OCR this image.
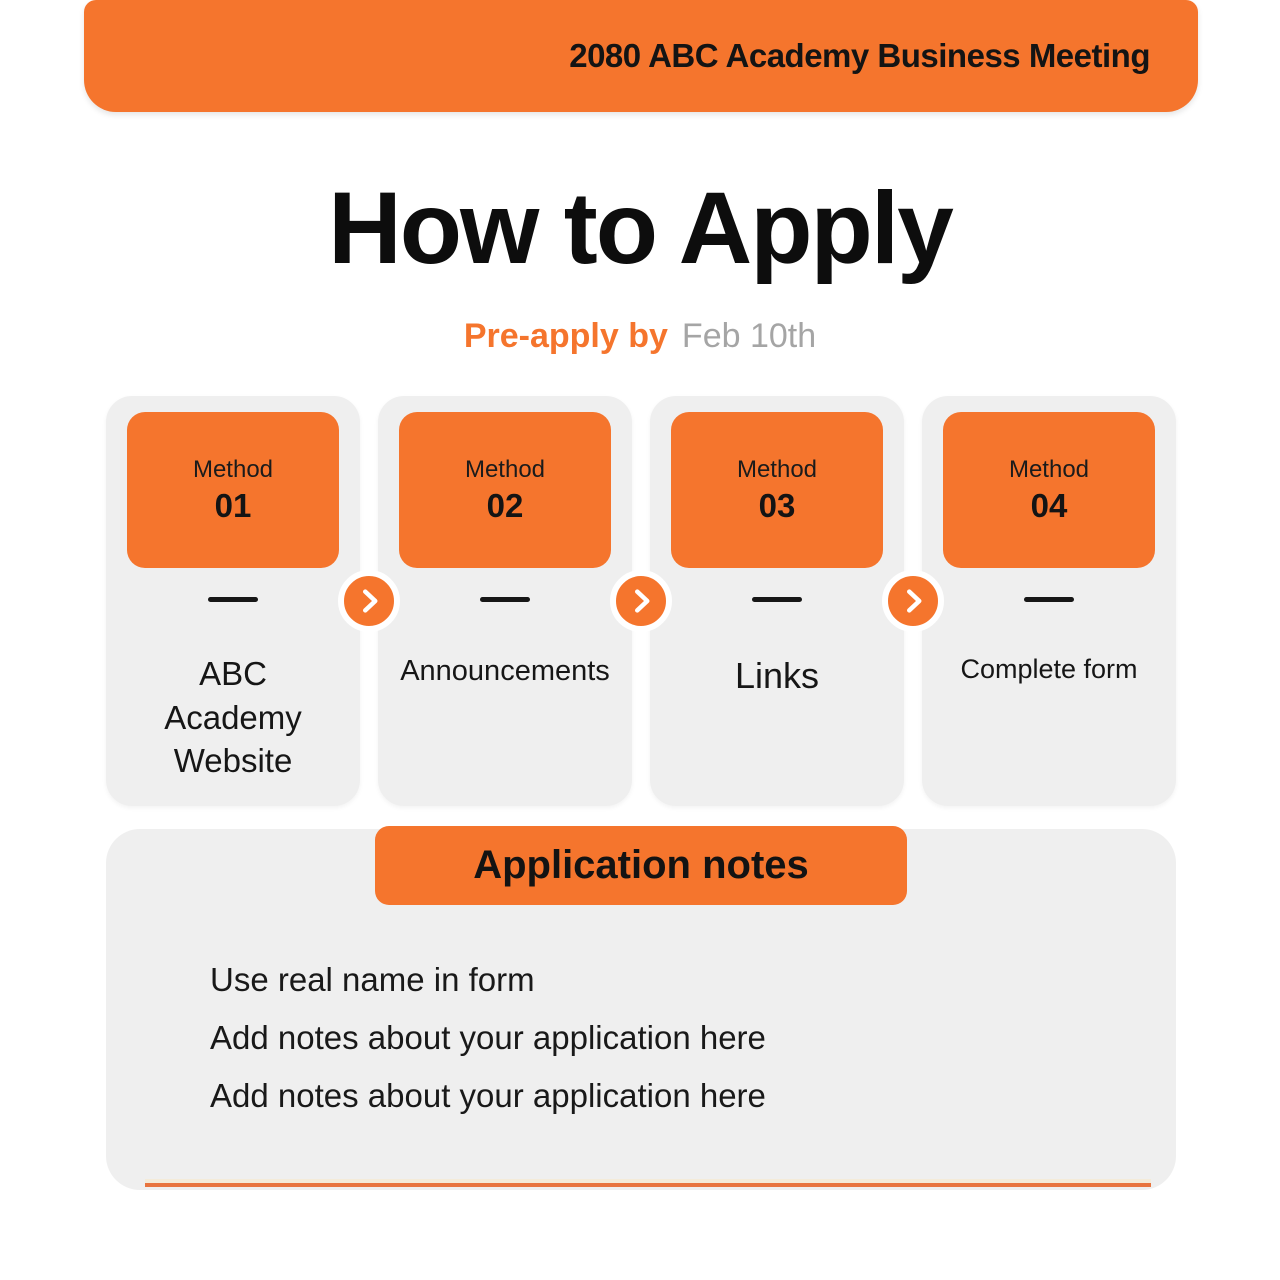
2080 ABC Academy Business Meeting
How to Apply
Pre-apply by Feb 10th
Method
01
ABC Academy Website
Method
02
Announcements
Method
03
Links
Method
04
Complete form
Application notes
Use real name in form
Add notes about your application here
Add notes about your application here
